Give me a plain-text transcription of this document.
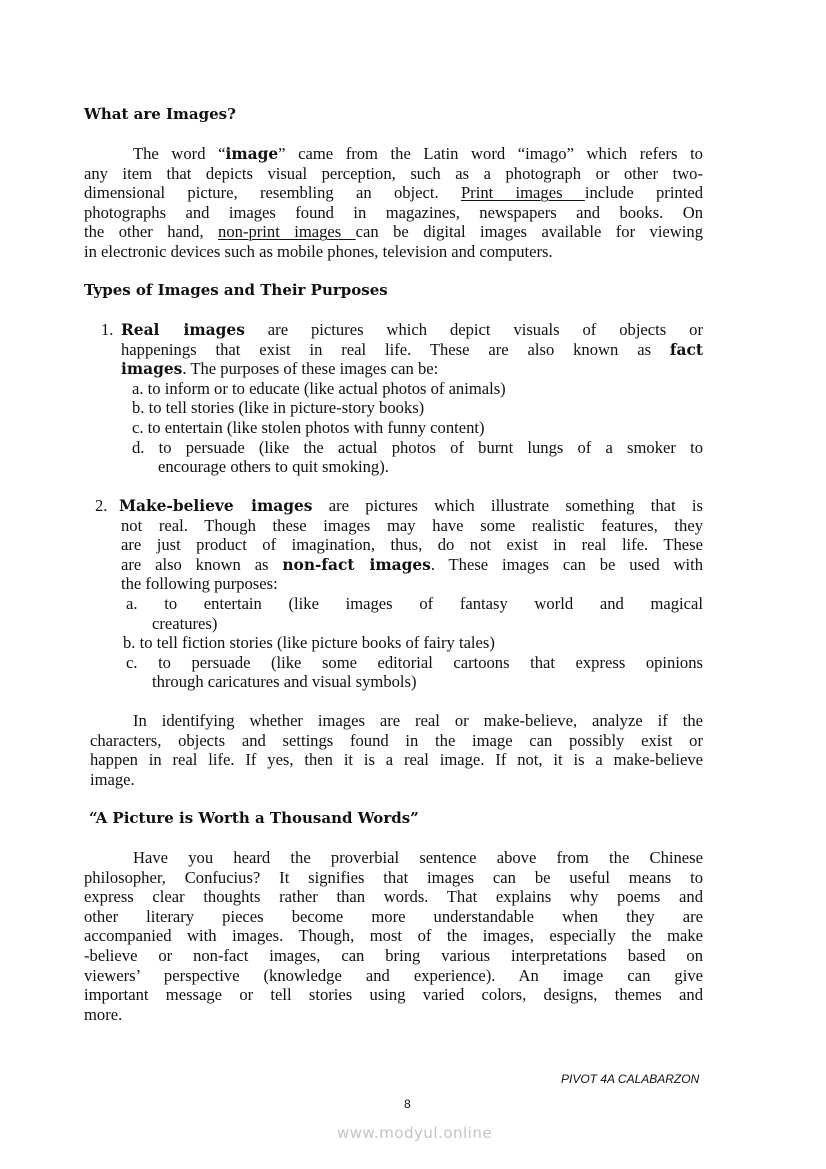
What are Images?
The word “image” came from the Latin word “imago” which refers to
any item that depicts visual perception, such as a photograph or other two-
dimensional picture, resembling an object. Print images include printed
photographs and images found in magazines, newspapers and books. On
the other hand, non-print images can be digital images available for viewing
in electronic devices such as mobile phones, television and computers.
Types of Images and Their Purposes
1. Real images are pictures which depict visuals of objects or
happenings that exist in real life. These are also known as fact
images. The purposes of these images can be:
a. to inform or to educate (like actual photos of animals)
b. to tell stories (like in picture-story books)
c. to entertain (like stolen photos with funny content)
d. to persuade (like the actual photos of burnt lungs of a smoker to
encourage others to quit smoking).
2. Make-believe images are pictures which illustrate something that is
not real. Though these images may have some realistic features, they
are just product of imagination, thus, do not exist in real life. These
are also known as non-fact images. These images can be used with
the following purposes:
a. to entertain (like images of fantasy world and magical
creatures)
b. to tell fiction stories (like picture books of fairy tales)
c. to persuade (like some editorial cartoons that express opinions
through caricatures and visual symbols)
In identifying whether images are real or make-believe, analyze if the
characters, objects and settings found in the image can possibly exist or
happen in real life. If yes, then it is a real image. If not, it is a make-believe
image.
“A Picture is Worth a Thousand Words”
Have you heard the proverbial sentence above from the Chinese
philosopher, Confucius? It signifies that images can be useful means to
express clear thoughts rather than words. That explains why poems and
other literary pieces become more understandable when they are
accompanied with images. Though, most of the images, especially the make
-believe or non-fact images, can bring various interpretations based on
viewers’ perspective (knowledge and experience). An image can give
important message or tell stories using varied colors, designs, themes and
more.
PIVOT 4A CALABARZON
8
www.modyul.online
